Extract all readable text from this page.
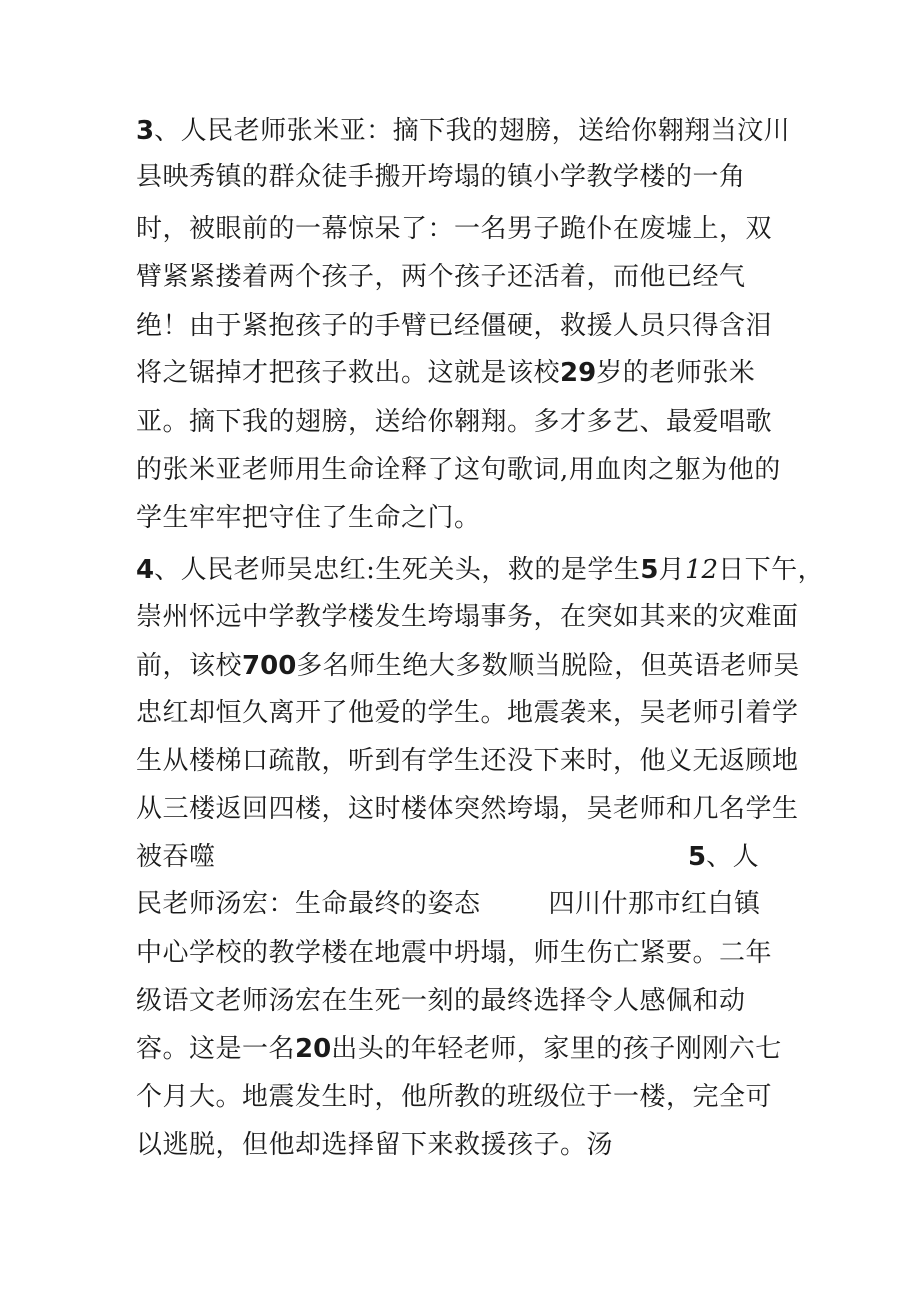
3、人民老师张米亚：摘下我的翅膀，送给你翱翔当汶川
县映秀镇的群众徒手搬开垮塌的镇小学教学楼的一角
时，被眼前的一幕惊呆了：一名男子跪仆在废墟上，双
臂紧紧搂着两个孩子，两个孩子还活着，而他已经气
绝！由于紧抱孩子的手臂已经僵硬，救援人员只得含泪
将之锯掉才把孩子救出。这就是该校29岁的老师张米
亚。摘下我的翅膀，送给你翱翔。多才多艺、最爱唱歌
的张米亚老师用生命诠释了这句歌词,用血肉之躯为他的
学生牢牢把守住了生命之门。
4、人民老师吴忠红:生死关头，救的是学生5月12日下午，
崇州怀远中学教学楼发生垮塌事务，在突如其来的灾难面
前，该校700多名师生绝大多数顺当脱险，但英语老师吴
忠红却恒久离开了他爱的学生。地震袭来，吴老师引着学
生从楼梯口疏散，听到有学生还没下来时，他义无返顾地
从三楼返回四楼，这时楼体突然垮塌，吴老师和几名学生
被吞噬	5、人
民老师汤宏：生命最终的姿态	四川什那市红白镇
中心学校的教学楼在地震中坍塌，师生伤亡紧要。二年
级语文老师汤宏在生死一刻的最终选择令人感佩和动
容。这是一名20出头的年轻老师，家里的孩子刚刚六七
个月大。地震发生时，他所教的班级位于一楼，完全可
以逃脱，但他却选择留下来救援孩子。汤
